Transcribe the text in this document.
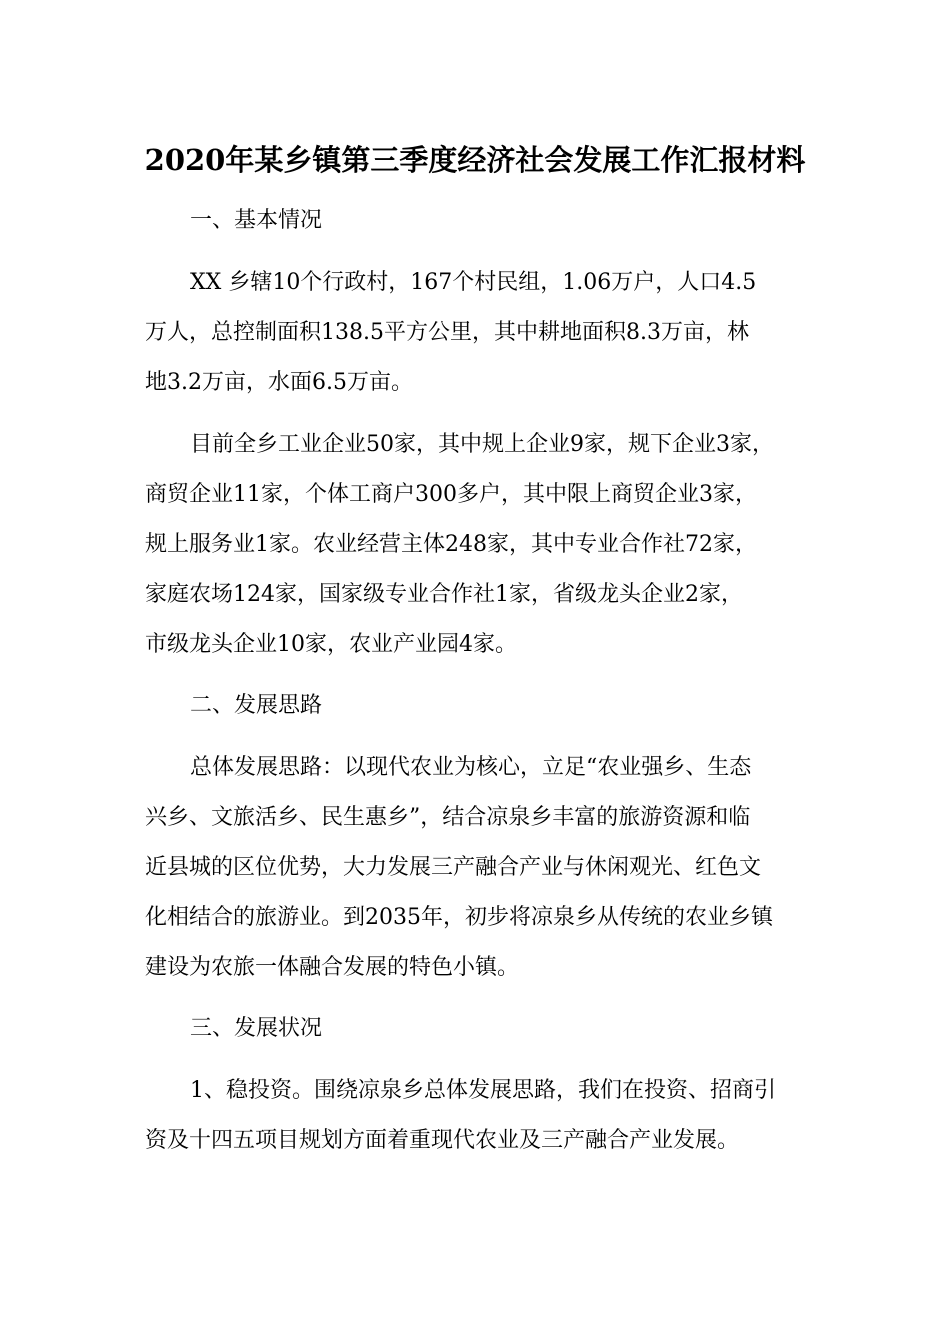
2020年某乡镇第三季度经济社会发展工作汇报材料
一、基本情况
XX 乡辖10个行政村，167个村民组，1.06万户，人口4.5
万人，总控制面积138.5平方公里，其中耕地面积8.3万亩，林
地3.2万亩，水面6.5万亩。
目前全乡工业企业50家，其中规上企业9家，规下企业3家，
商贸企业11家，个体工商户300多户，其中限上商贸企业3家，
规上服务业1家。农业经营主体248家，其中专业合作社72家，
家庭农场124家，国家级专业合作社1家，省级龙头企业2家，
市级龙头企业10家，农业产业园4家。
二、发展思路
总体发展思路：以现代农业为核心，立足“农业强乡、生态
兴乡、文旅活乡、民生惠乡”，结合凉泉乡丰富的旅游资源和临
近县城的区位优势，大力发展三产融合产业与休闲观光、红色文
化相结合的旅游业。到2035年，初步将凉泉乡从传统的农业乡镇
建设为农旅一体融合发展的特色小镇。
三、发展状况
1、稳投资。围绕凉泉乡总体发展思路，我们在投资、招商引
资及十四五项目规划方面着重现代农业及三产融合产业发展。
